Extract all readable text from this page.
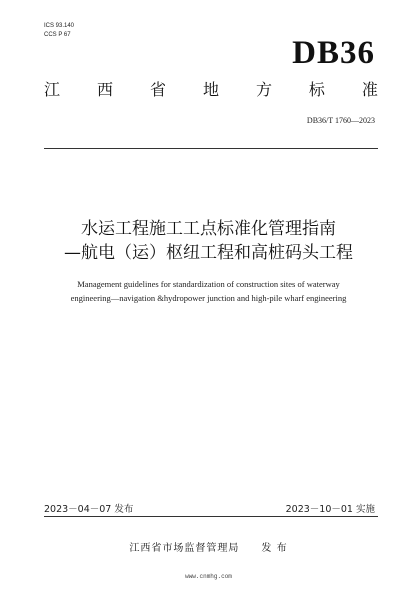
ICS 93.140
CCS P 67	DB36
江 西 省 地 方 标 准
DB36/T 1760—2023
水运工程施工工点标准化管理指南
—航电（运）枢纽工程和高桩码头工程
Management guidelines for standardization of construction sites of waterway
engineering—navigation &hydropower junction and high-pile wharf engineering
2023－04－07 发布	2023－10－01 实施
江西省市场监督管理局 发 布
www.cnmhg.com
